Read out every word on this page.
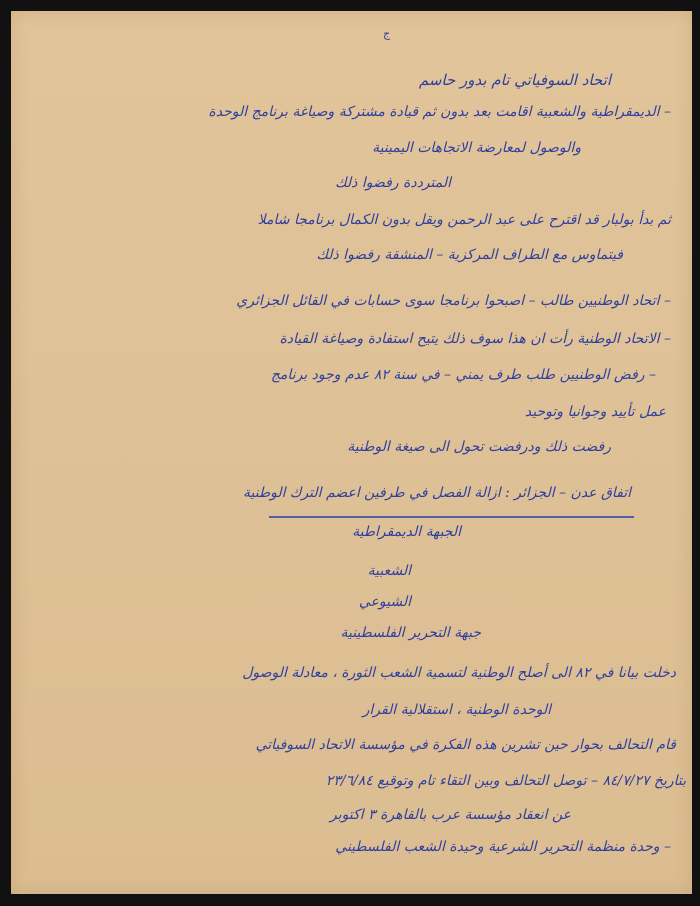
ج
اتحاد السوفياتي تام بدور حاسم
– الديمقراطية والشعبية اقامت بعد بدون ثم قيادة مشتركة وصياغة برنامج الوحدة
والوصول لمعارضة الاتجاهات اليمينية
المترددة رفضوا ذلك
ثم بدأ بولبار قد اقترح على عبد الرحمن ويقل بدون الكمال برنامجا شاملا
فيتماوس مع الطراف المركزية – المنشقة رفضوا ذلك
– اتحاد الوطنيين طالب – اصبحوا برنامجا سوى حسابات في القائل الجزائري
– الاتحاد الوطنية رأت ان هذا سوف ذلك يتيح استفادة وصياغة القيادة
– رفض الوطنيين طلب طرف يمني – في سنة ٨٢ عدم وجود برنامج
عمل تأييد وجوانيا وتوحيد
رفضت ذلك ودرفضت تحول الى صيغة الوطنية
اتفاق عدن – الجزائر : ازالة الفصل في طرفين اعضم الترك الوطنية
الجبهة الديمقراطية
الشعبية
الشيوعي
جبهة التحرير الفلسطينية
دخلت بيانا في ٨٢ الى أصلح الوطنية لتسمية الشعب الثورة ، معادلة الوصول
الوحدة الوطنية ، استقلالية القرار
قام التحالف بحوار حين تشرين هذه الفكرة في مؤسسة الاتحاد السوفياتي
بتاريخ ٨٤/٧/٢٧ – توصل التحالف وبين التقاء تام وتوقيع ٢٣/٦/٨٤
عن انعقاد مؤسسة عرب بالقاهرة ٣ اكتوبر
– وحدة منظمة التحرير الشرعية وحيدة الشعب الفلسطيني
